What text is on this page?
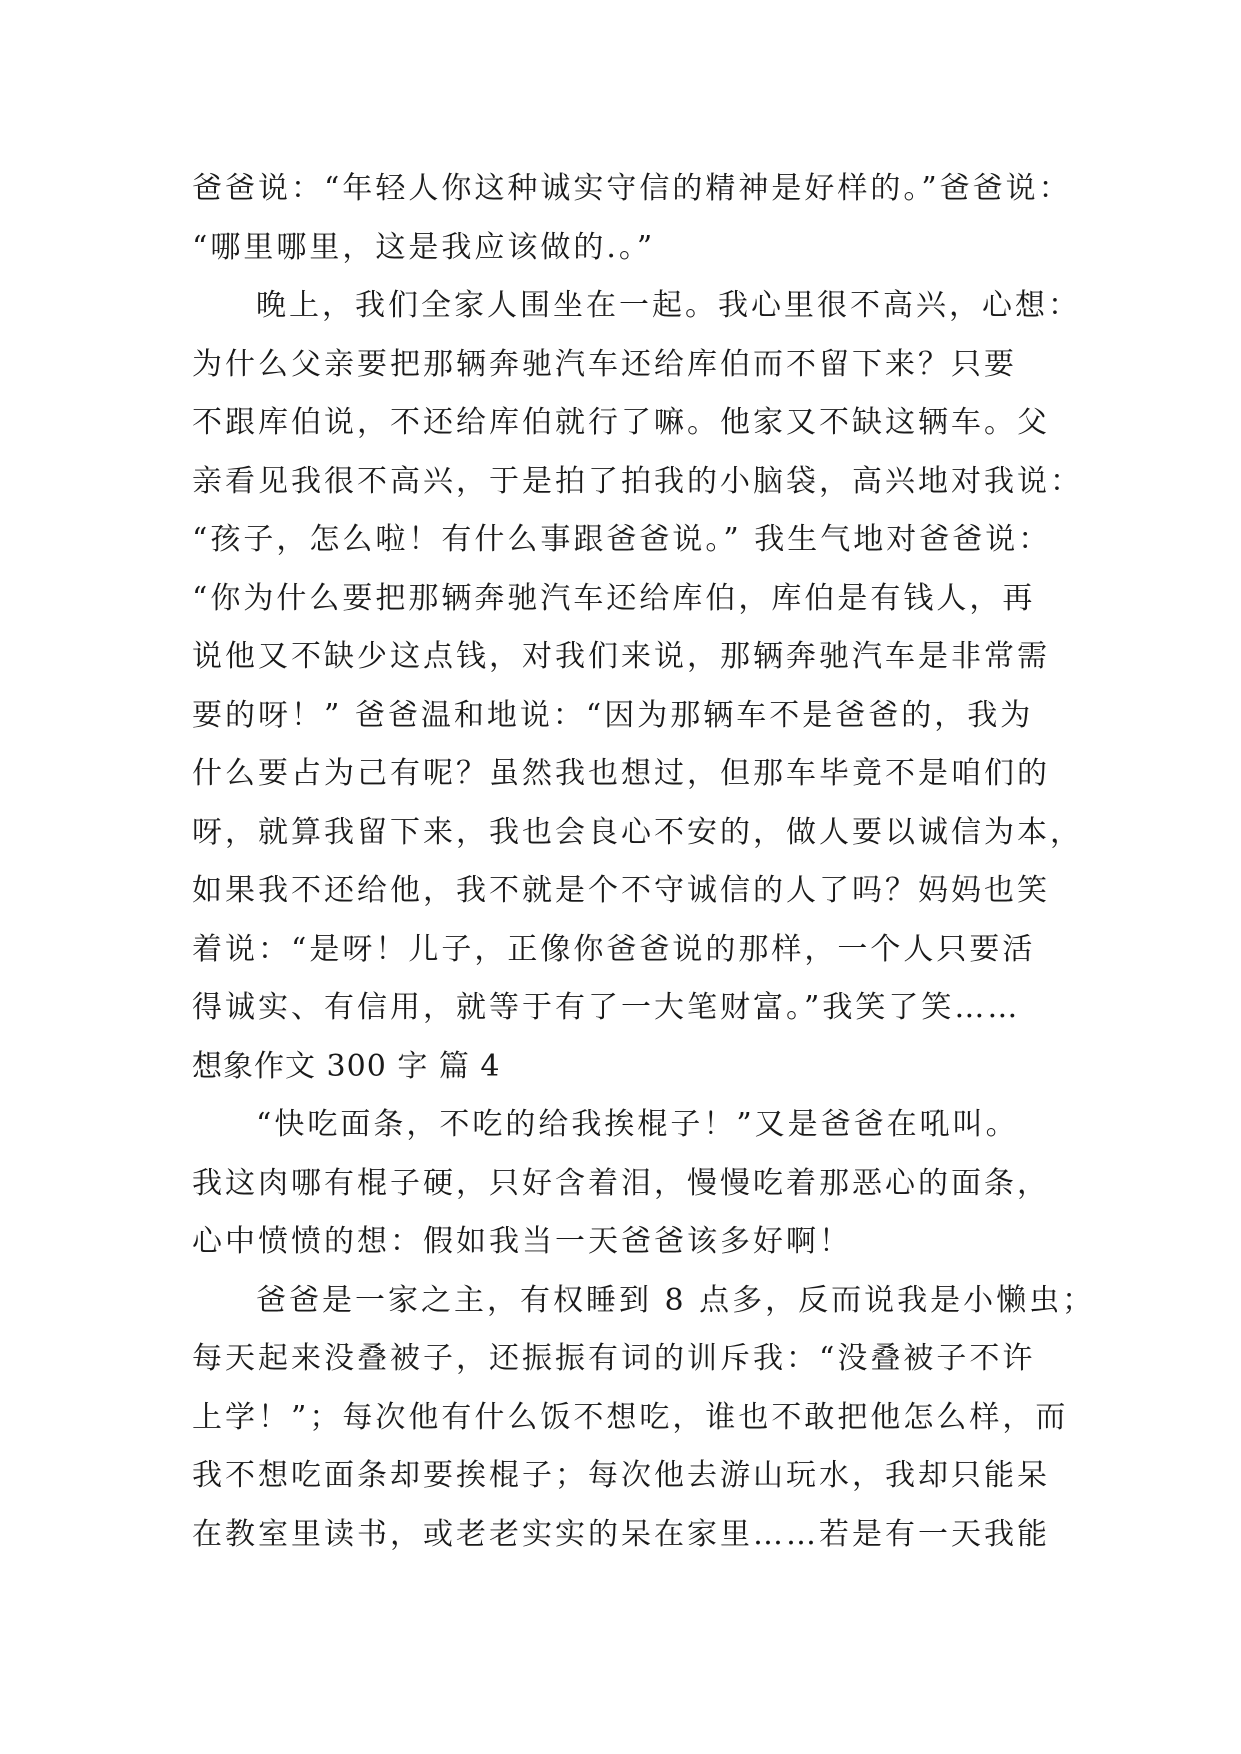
爸爸说：“年轻人你这种诚实守信的精神是好样的。”爸爸说：
“哪里哪里，这是我应该做的.。”
晚上，我们全家人围坐在一起。我心里很不高兴，心想：
为什么父亲要把那辆奔驰汽车还给库伯而不留下来？只要
不跟库伯说，不还给库伯就行了嘛。他家又不缺这辆车。父
亲看见我很不高兴，于是拍了拍我的小脑袋，高兴地对我说：
“孩子，怎么啦！有什么事跟爸爸说。” 我生气地对爸爸说：
“你为什么要把那辆奔驰汽车还给库伯，库伯是有钱人，再
说他又不缺少这点钱，对我们来说，那辆奔驰汽车是非常需
要的呀！” 爸爸温和地说：“因为那辆车不是爸爸的，我为
什么要占为己有呢？虽然我也想过，但那车毕竟不是咱们的
呀，就算我留下来，我也会良心不安的，做人要以诚信为本，
如果我不还给他，我不就是个不守诚信的人了吗？妈妈也笑
着说：“是呀！儿子，正像你爸爸说的那样，一个人只要活
得诚实、有信用，就等于有了一大笔财富。”我笑了笑……
想象作文 300 字 篇 4
“快吃面条，不吃的给我挨棍子！”又是爸爸在吼叫。
我这肉哪有棍子硬，只好含着泪，慢慢吃着那恶心的面条，
心中愤愤的想：假如我当一天爸爸该多好啊！
爸爸是一家之主，有权睡到 8 点多，反而说我是小懒虫；
每天起来没叠被子，还振振有词的训斥我：“没叠被子不许
上学！”；每次他有什么饭不想吃，谁也不敢把他怎么样，而
我不想吃面条却要挨棍子；每次他去游山玩水，我却只能呆
在教室里读书，或老老实实的呆在家里……若是有一天我能
